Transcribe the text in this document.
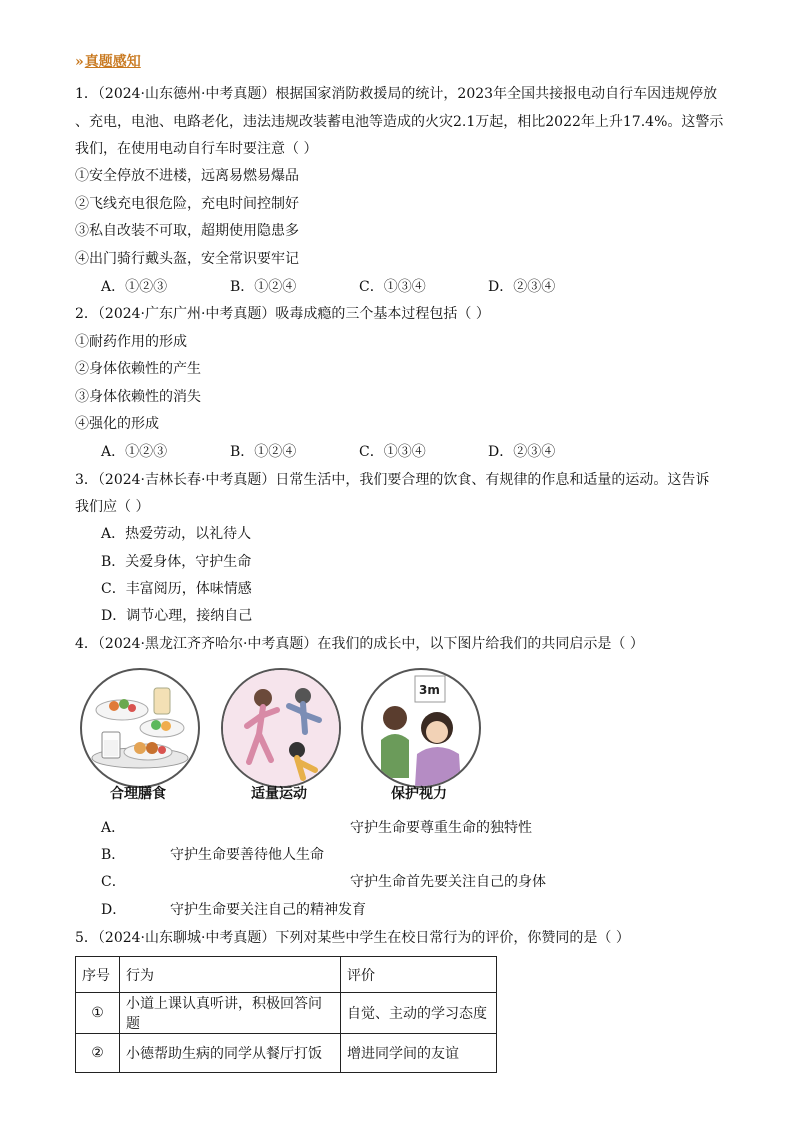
» 真题感知
1．（2024·山东德州·中考真题）根据国家消防救援局的统计，2023年全国共接报电动自行车因违规停放
、充电，电池、电路老化，违法违规改装蓄电池等造成的火灾2.1万起，相比2022年上升17.4%。这警示
我们，在使用电动自行车时要注意（ ）
①安全停放不进楼，远离易燃易爆品
②飞线充电很危险，充电时间控制好
③私自改装不可取，超期使用隐患多
④出门骑行戴头盔，安全常识要牢记
A．①②③	B．①②④	C．①③④	D．②③④
2．（2024·广东广州·中考真题）吸毒成瘾的三个基本过程包括（ ）
①耐药作用的形成
②身体依赖性的产生
③身体依赖性的消失
④强化的形成
A．①②③	B．①②④	C．①③④	D．②③④
3．（2024·吉林长春·中考真题）日常生活中，我们要合理的饮食、有规律的作息和适量的运动。这告诉
我们应（ ）
A．热爱劳动，以礼待人
B．关爱身体，守护生命
C．丰富阅历，体味情感
D．调节心理，接纳自己
4．（2024·黑龙江齐齐哈尔·中考真题）在我们的成长中，以下图片给我们的共同启示是（ ）
3m
合理膳食	适量运动	保护视力
A．	守护生命要尊重生命的独特性
B．	守护生命要善待他人生命
C．	守护生命首先要关注自己的身体
D．	守护生命要关注自己的精神发育
5．（2024·山东聊城·中考真题）下列对某些中学生在校日常行为的评价，你赞同的是（ ）
序号	行为	评价
①	小道上课认真听讲，积极回答问题	自觉、主动的学习态度
②	小德帮助生病的同学从餐厅打饭	增进同学间的友谊
